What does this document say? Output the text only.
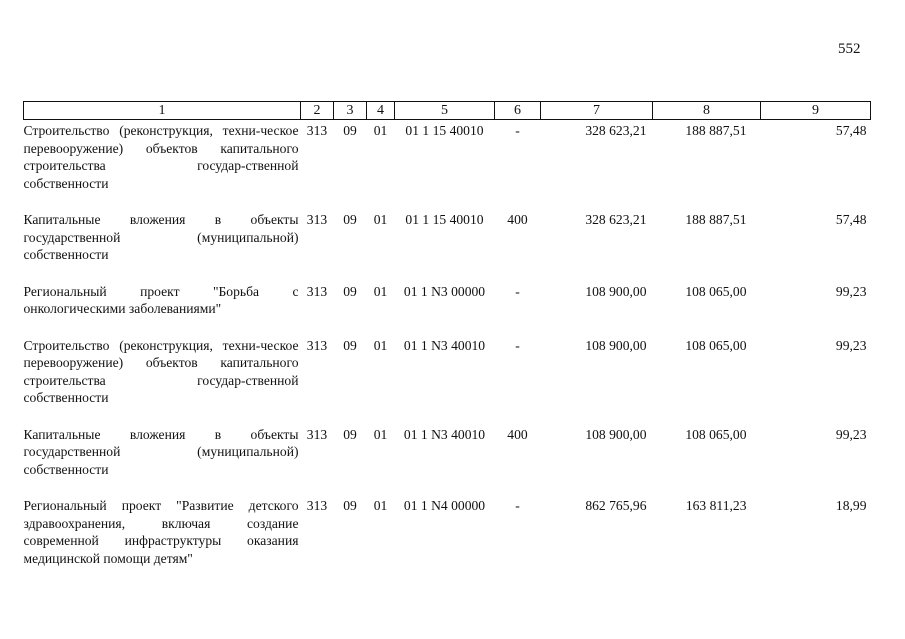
552
1	2	3	4	5	6	7	8	9
Строительство (реконструкция, техни-ческое перевооружение) объектов капитального строительства государ-ственной собственности	313	09	01	01 1 15 40010	-	328 623,21	188 887,51	57,48

Капитальные вложения в объекты государственной (муниципальной) собственности	313	09	01	01 1 15 40010	400	328 623,21	188 887,51	57,48

Региональный проект "Борьба с онкологическими заболеваниями"	313	09	01	01 1 N3 00000	-	108 900,00	108 065,00	99,23

Строительство (реконструкция, техни-ческое перевооружение) объектов капитального строительства государ-ственной собственности	313	09	01	01 1 N3 40010	-	108 900,00	108 065,00	99,23

Капитальные вложения в объекты государственной (муниципальной) собственности	313	09	01	01 1 N3 40010	400	108 900,00	108 065,00	99,23

Региональный проект "Развитие детского здравоохранения, включая создание современной инфраструктуры оказания медицинской помощи детям"	313	09	01	01 1 N4 00000	-	862 765,96	163 811,23	18,99
